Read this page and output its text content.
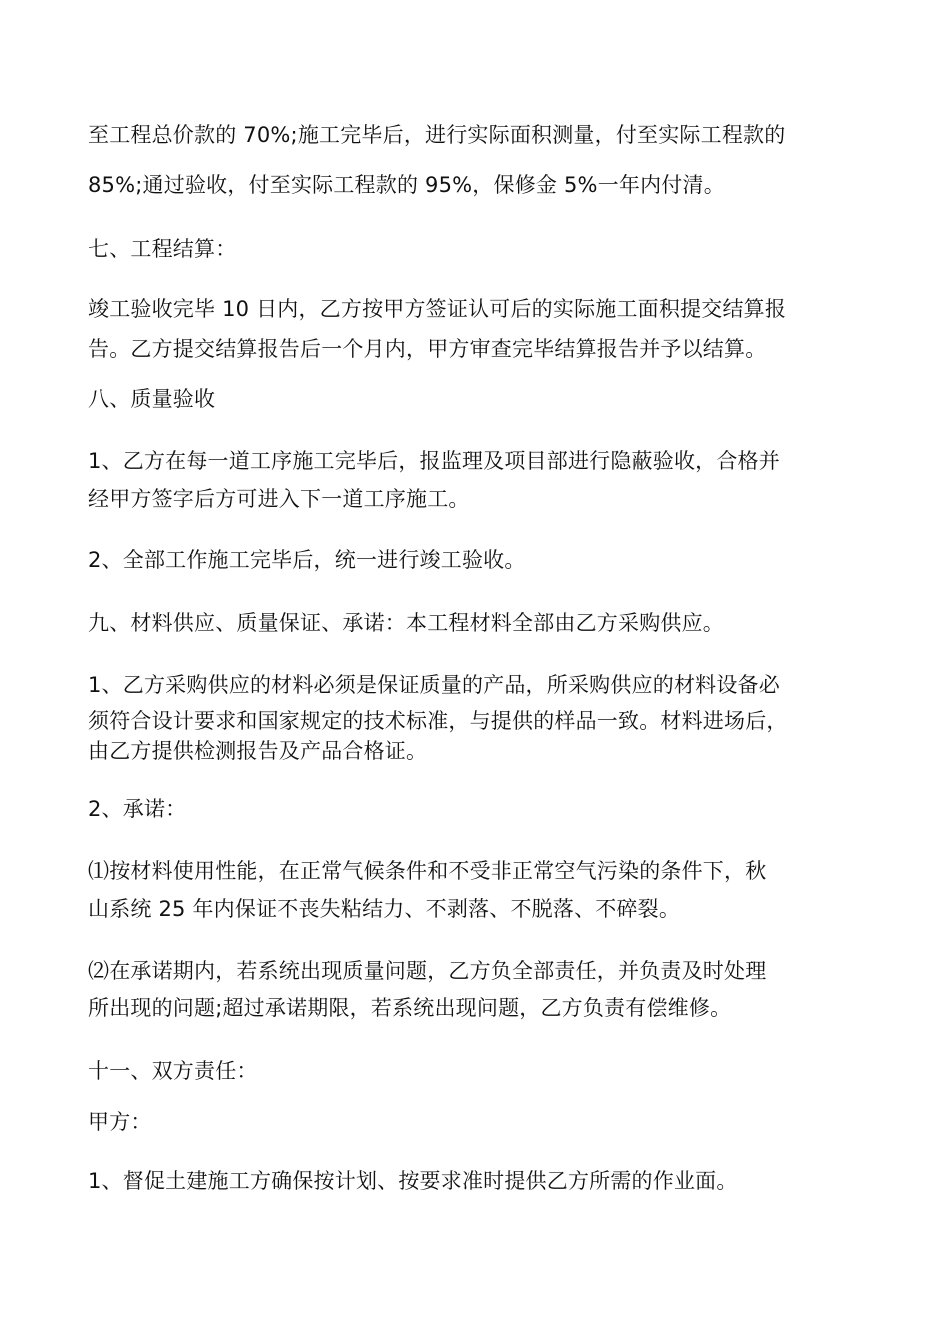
至工程总价款的 70%;施工完毕后，进行实际面积测量，付至实际工程款的
85%;通过验收，付至实际工程款的 95%，保修金 5%一年内付清。
七、工程结算：
竣工验收完毕 10 日内，乙方按甲方签证认可后的实际施工面积提交结算报
告。乙方提交结算报告后一个月内，甲方审查完毕结算报告并予以结算。
八、质量验收
1、乙方在每一道工序施工完毕后，报监理及项目部进行隐蔽验收，合格并
经甲方签字后方可进入下一道工序施工。
2、全部工作施工完毕后，统一进行竣工验收。
九、材料供应、质量保证、承诺：本工程材料全部由乙方采购供应。
1、乙方采购供应的材料必须是保证质量的产品，所采购供应的材料设备必
须符合设计要求和国家规定的技术标准，与提供的样品一致。材料进场后，
由乙方提供检测报告及产品合格证。
2、承诺：
⑴按材料使用性能，在正常气候条件和不受非正常空气污染的条件下，秋
山系统 25 年内保证不丧失粘结力、不剥落、不脱落、不碎裂。
⑵在承诺期内，若系统出现质量问题，乙方负全部责任，并负责及时处理
所出现的问题;超过承诺期限，若系统出现问题，乙方负责有偿维修。
十一、双方责任：
甲方：
1、督促土建施工方确保按计划、按要求准时提供乙方所需的作业面。
